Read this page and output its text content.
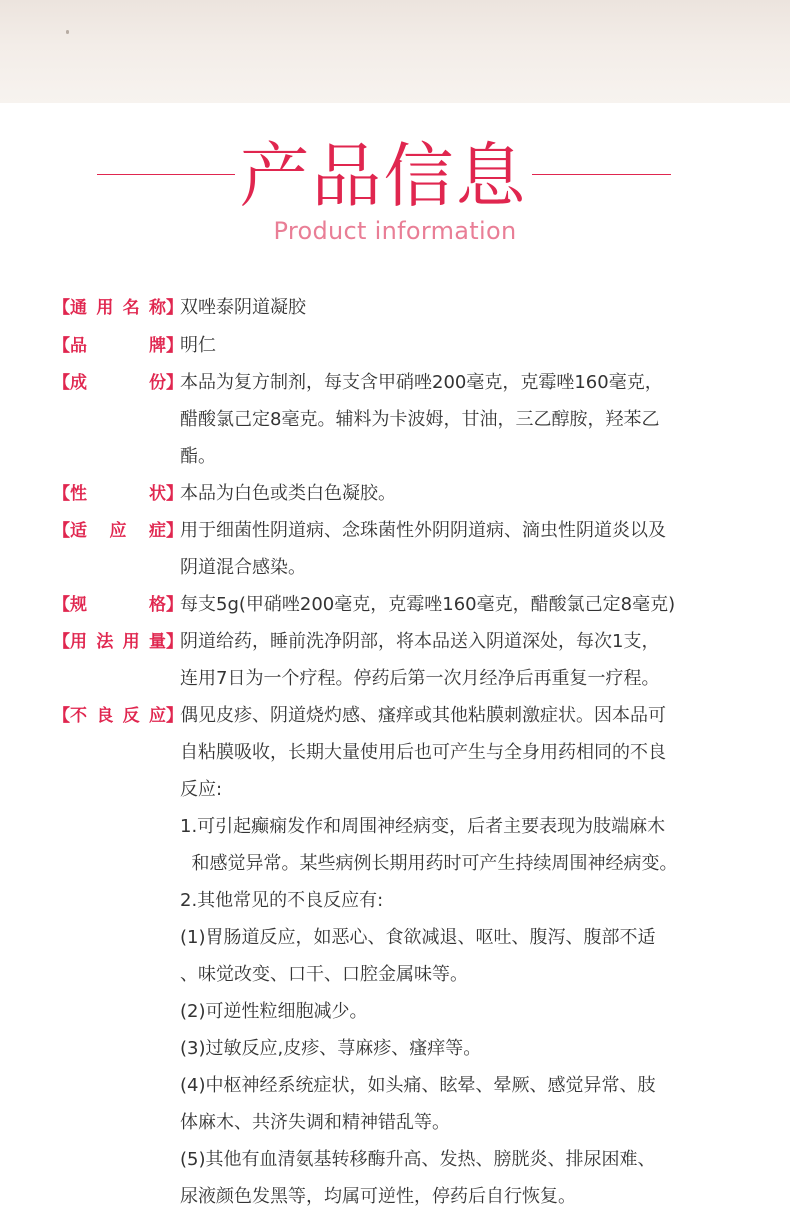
产品信息
Product information
【通用名称】
双唑泰阴道凝胶
【品牌】
明仁
【成份】
本品为复方制剂，每支含甲硝唑200毫克，克霉唑160毫克，
醋酸氯己定8毫克。辅料为卡波姆，甘油，三乙醇胺，羟苯乙
酯。
【性状】
本品为白色或类白色凝胶。
【适应症】
用于细菌性阴道病、念珠菌性外阴阴道病、滴虫性阴道炎以及
阴道混合感染。
【规格】
每支5g(甲硝唑200毫克，克霉唑160毫克，醋酸氯己定8毫克)
【用法用量】
阴道给药，睡前洗净阴部，将本品送入阴道深处，每次1支，
连用7日为一个疗程。停药后第一次月经净后再重复一疗程。
【不良反应】
偶见皮疹、阴道烧灼感、瘙痒或其他粘膜刺激症状。因本品可
自粘膜吸收，长期大量使用后也可产生与全身用药相同的不良
反应:
1.可引起癫痫发作和周围神经病变，后者主要表现为肢端麻木
和感觉异常。某些病例长期用药时可产生持续周围神经病变。
2.其他常见的不良反应有:
(1)胃肠道反应，如恶心、食欲减退、呕吐、腹泻、腹部不适
、味觉改变、口干、口腔金属味等。
(2)可逆性粒细胞减少。
(3)过敏反应,皮疹、荨麻疹、瘙痒等。
(4)中枢神经系统症状，如头痛、眩晕、晕厥、感觉异常、肢
体麻木、共济失调和精神错乱等。
(5)其他有血清氨基转移酶升高、发热、膀胱炎、排尿困难、
尿液颜色发黑等，均属可逆性，停药后自行恢复。
